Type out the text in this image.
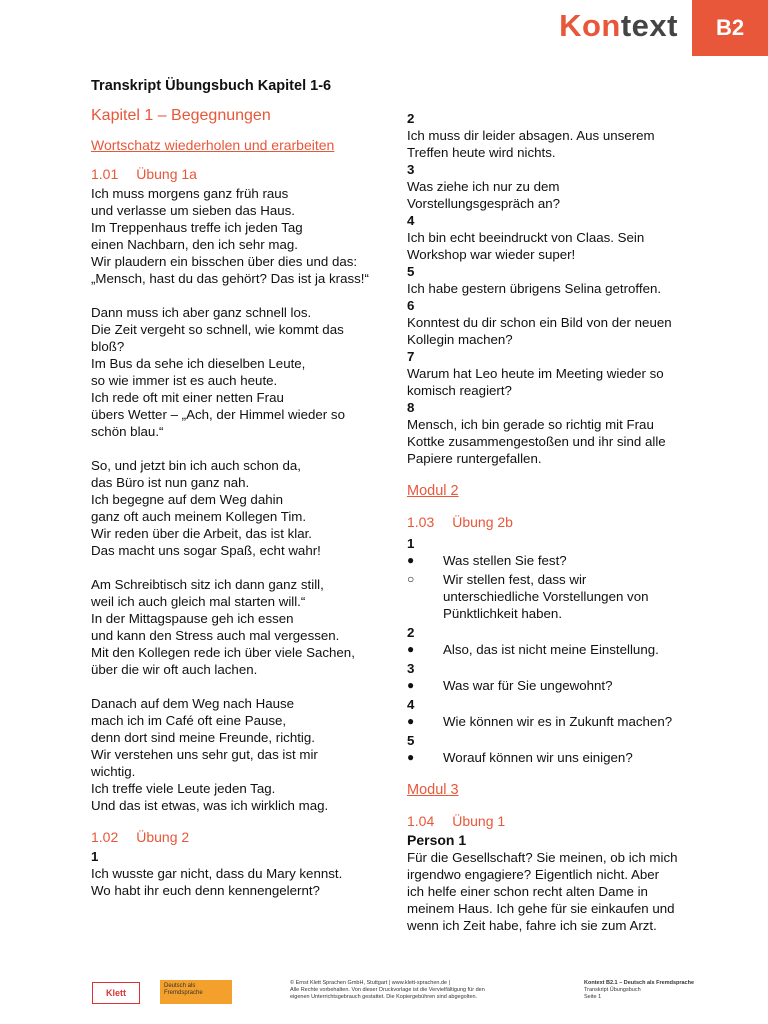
Kontext	B2
Transkript Übungsbuch Kapitel 1-6
Kapitel 1 – Begegnungen
Wortschatz wiederholen und erarbeiten
1.01 Übung 1a
Ich muss morgens ganz früh raus
und verlasse um sieben das Haus.
Im Treppenhaus treffe ich jeden Tag
einen Nachbarn, den ich sehr mag.
Wir plaudern ein bisschen über dies und das:
„Mensch, hast du das gehört? Das ist ja krass!“
Dann muss ich aber ganz schnell los.
Die Zeit vergeht so schnell, wie kommt das
bloß?
Im Bus da sehe ich dieselben Leute,
so wie immer ist es auch heute.
Ich rede oft mit einer netten Frau
übers Wetter – „Ach, der Himmel wieder so
schön blau.“
So, und jetzt bin ich auch schon da,
das Büro ist nun ganz nah.
Ich begegne auf dem Weg dahin
ganz oft auch meinem Kollegen Tim.
Wir reden über die Arbeit, das ist klar.
Das macht uns sogar Spaß, echt wahr!
Am Schreibtisch sitz ich dann ganz still,
weil ich auch gleich mal starten will.“
In der Mittagspause geh ich essen
und kann den Stress auch mal vergessen.
Mit den Kollegen rede ich über viele Sachen,
über die wir oft auch lachen.
Danach auf dem Weg nach Hause
mach ich im Café oft eine Pause,
denn dort sind meine Freunde, richtig.
Wir verstehen uns sehr gut, das ist mir
wichtig.
Ich treffe viele Leute jeden Tag.
Und das ist etwas, was ich wirklich mag.
1.02 Übung 2
1
Ich wusste gar nicht, dass du Mary kennst.
Wo habt ihr euch denn kennengelernt?
2
Ich muss dir leider absagen. Aus unserem
Treffen heute wird nichts.
3
Was ziehe ich nur zu dem
Vorstellungsgespräch an?
4
Ich bin echt beeindruckt von Claas. Sein
Workshop war wieder super!
5
Ich habe gestern übrigens Selina getroffen.
6
Konntest du dir schon ein Bild von der neuen
Kollegin machen?
7
Warum hat Leo heute im Meeting wieder so
komisch reagiert?
8
Mensch, ich bin gerade so richtig mit Frau
Kottke zusammengestoßen und ihr sind alle
Papiere runtergefallen.
Modul 2
1.03 Übung 2b
1
●	Was stellen Sie fest?
○	Wir stellen fest, dass wir
unterschiedliche Vorstellungen von
Pünktlichkeit haben.
2
●	Also, das ist nicht meine Einstellung.
3
●	Was war für Sie ungewohnt?
4
●	Wie können wir es in Zukunft machen?
5
●	Worauf können wir uns einigen?
Modul 3
1.04 Übung 1
Person 1
Für die Gesellschaft? Sie meinen, ob ich mich
irgendwo engagiere? Eigentlich nicht. Aber
ich helfe einer schon recht alten Dame in
meinem Haus. Ich gehe für sie einkaufen und
wenn ich Zeit habe, fahre ich sie zum Arzt.
Klett
Deutsch als Fremdsprache
© Ernst Klett Sprachen GmbH, Stuttgart | www.klett-sprachen.de |
Alle Rechte vorbehalten. Von dieser Druckvorlage ist die Vervielfältigung für den
eigenen Unterrichtsgebrauch gestattet. Die Kopiergebühren sind abgegolten.
Kontext B2.1 – Deutsch als Fremdsprache
Transkript Übungsbuch
Seite 1
